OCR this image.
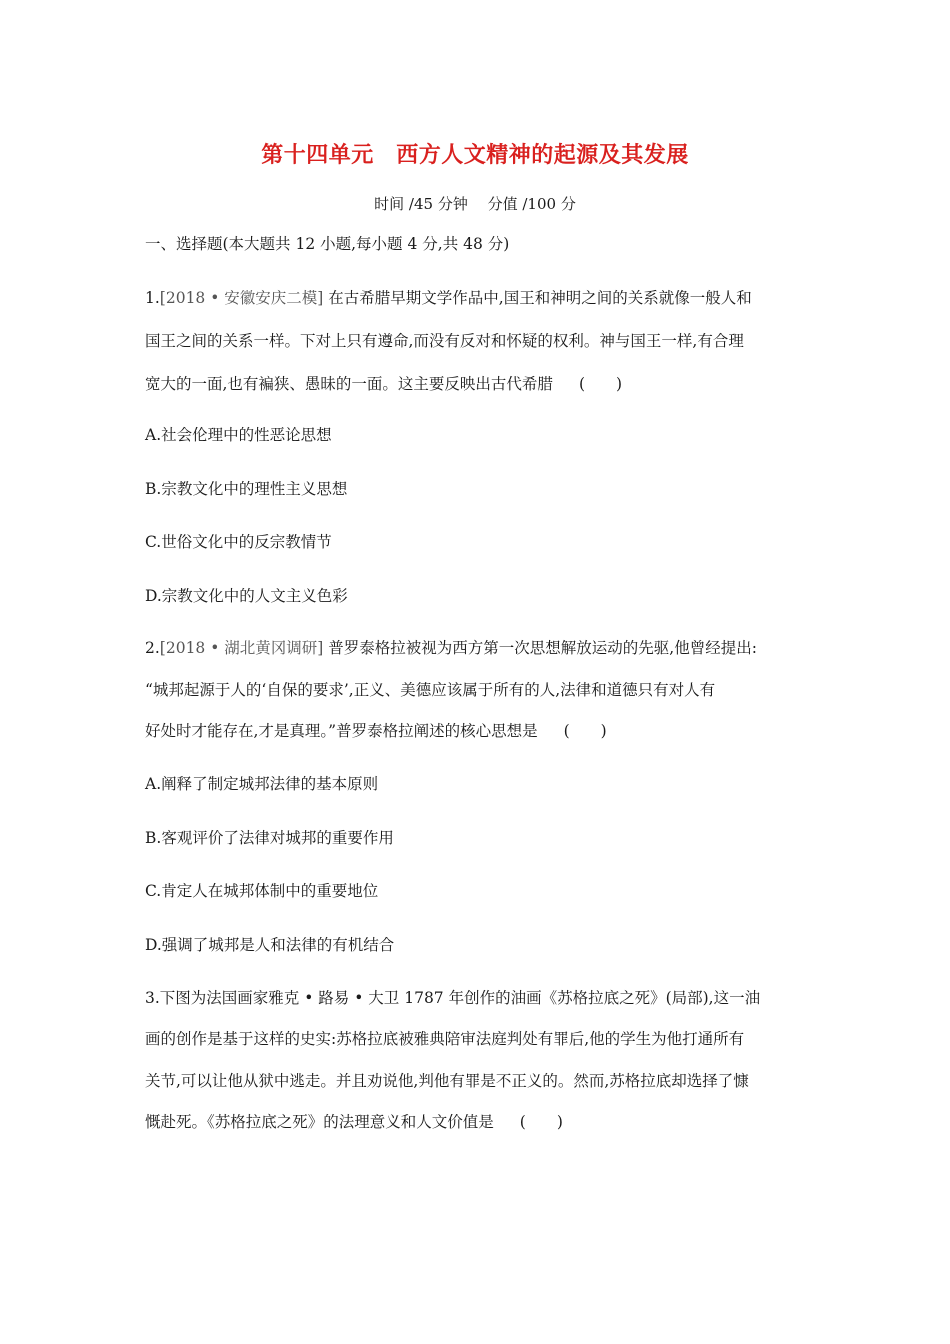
第十四单元　西方人文精神的起源及其发展
时间 /45 分钟　 分值 /100 分
一、选择题(本大题共 12 小题,每小题 4 分,共 48 分)
1.[2018 • 安徽安庆二模] 在古希腊早期文学作品中,国王和神明之间的关系就像一般人和
国王之间的关系一样。下对上只有遵命,而没有反对和怀疑的权利。神与国王一样,有合理
宽大的一面,也有褊狭、愚昧的一面。这主要反映出古代希腊 (　　)
A.社会伦理中的性恶论思想
B.宗教文化中的理性主义思想
C.世俗文化中的反宗教情节
D.宗教文化中的人文主义色彩
2.[2018 • 湖北黄冈调研] 普罗泰格拉被视为西方第一次思想解放运动的先驱,他曾经提出:
“城邦起源于人的‘自保的要求’,正义、美德应该属于所有的人,法律和道德只有对人有
好处时才能存在,才是真理。”普罗泰格拉阐述的核心思想是 (　　)
A.阐释了制定城邦法律的基本原则
B.客观评价了法律对城邦的重要作用
C.肯定人在城邦体制中的重要地位
D.强调了城邦是人和法律的有机结合
3.下图为法国画家雅克 • 路易 • 大卫 1787 年创作的油画《苏格拉底之死》(局部),这一油
画的创作是基于这样的史实:苏格拉底被雅典陪审法庭判处有罪后,他的学生为他打通所有
关节,可以让他从狱中逃走。并且劝说他,判他有罪是不正义的。然而,苏格拉底却选择了慷
慨赴死。《苏格拉底之死》的法理意义和人文价值是 (　　)
